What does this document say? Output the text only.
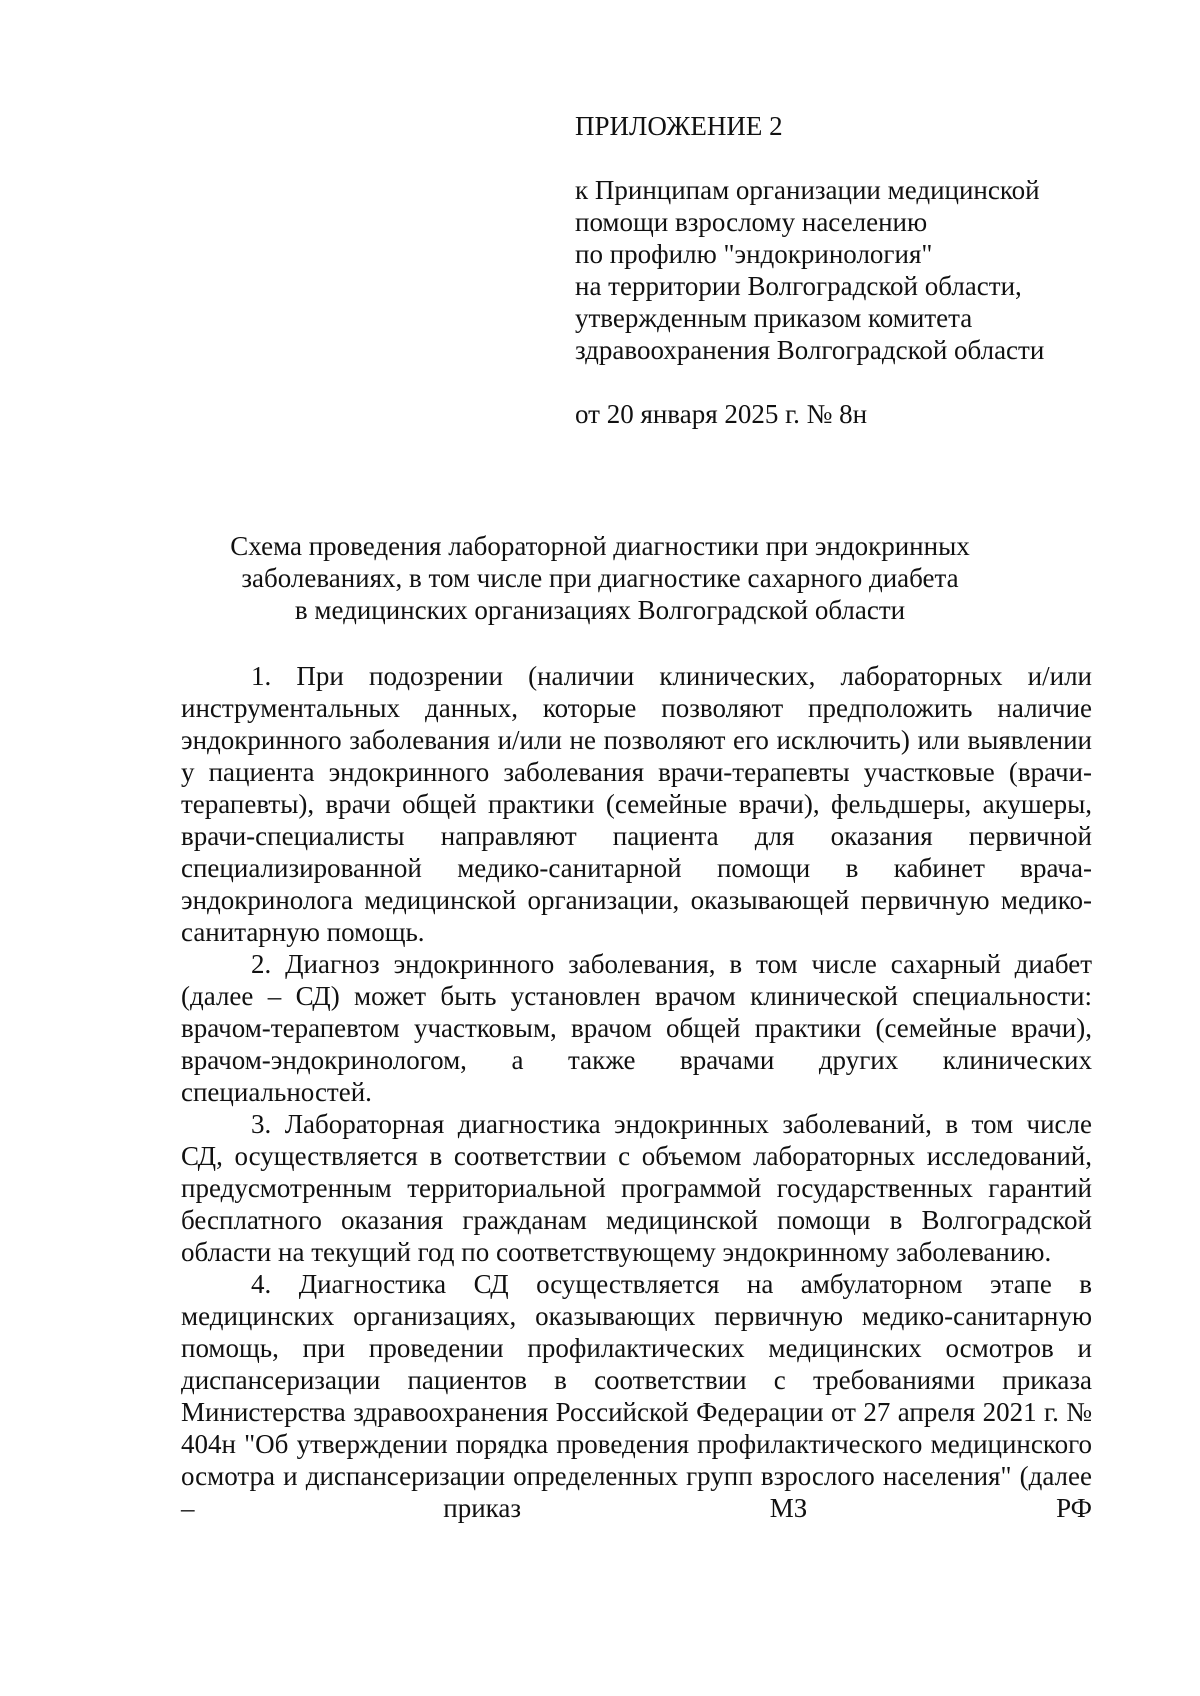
ПРИЛОЖЕНИЕ 2
к Принципам организации медицинской
помощи взрослому населению
по профилю "эндокринология"
на территории Волгоградской области,
утвержденным приказом комитета
здравоохранения Волгоградской области
от 20 января 2025 г. № 8н
Схема проведения лабораторной диагностики при эндокринных
заболеваниях, в том числе при диагностике сахарного диабета
в медицинских организациях Волгоградской области

1. При подозрении (наличии клинических, лабораторных и/или инструментальных данных, которые позволяют предположить наличие эндокринного заболевания и/или не позволяют его исключить) или выявлении у пациента эндокринного заболевания врачи-терапевты участковые (врачи-терапевты), врачи общей практики (семейные врачи), фельдшеры, акушеры, врачи-специалисты направляют пациента для оказания первичной специализированной медико-санитарной помощи в кабинет врача-эндокринолога медицинской организации, оказывающей первичную медико-санитарную помощь.

2. Диагноз эндокринного заболевания, в том числе сахарный диабет (далее – СД) может быть установлен врачом клинической специальности: врачом-терапевтом участковым, врачом общей практики (семейные врачи), врачом-эндокринологом, а также врачами других клинических специальностей.

3. Лабораторная диагностика эндокринных заболеваний, в том числе СД, осуществляется в соответствии с объемом лабораторных исследований, предусмотренным территориальной программой государственных гарантий бесплатного оказания гражданам медицинской помощи в Волгоградской области на текущий год по соответствующему эндокринному заболеванию.

4. Диагностика СД осуществляется на амбулаторном этапе в медицинских организациях, оказывающих первичную медико-санитарную помощь, при проведении профилактических медицинских осмотров и диспансеризации пациентов в соответствии с требованиями приказа Министерства здравоохранения Российской Федерации от 27 апреля 2021 г. № 404н "Об утверждении порядка проведения профилактического медицинского осмотра и диспансеризации определенных групп взрослого населения" (далее – приказ МЗ РФ
